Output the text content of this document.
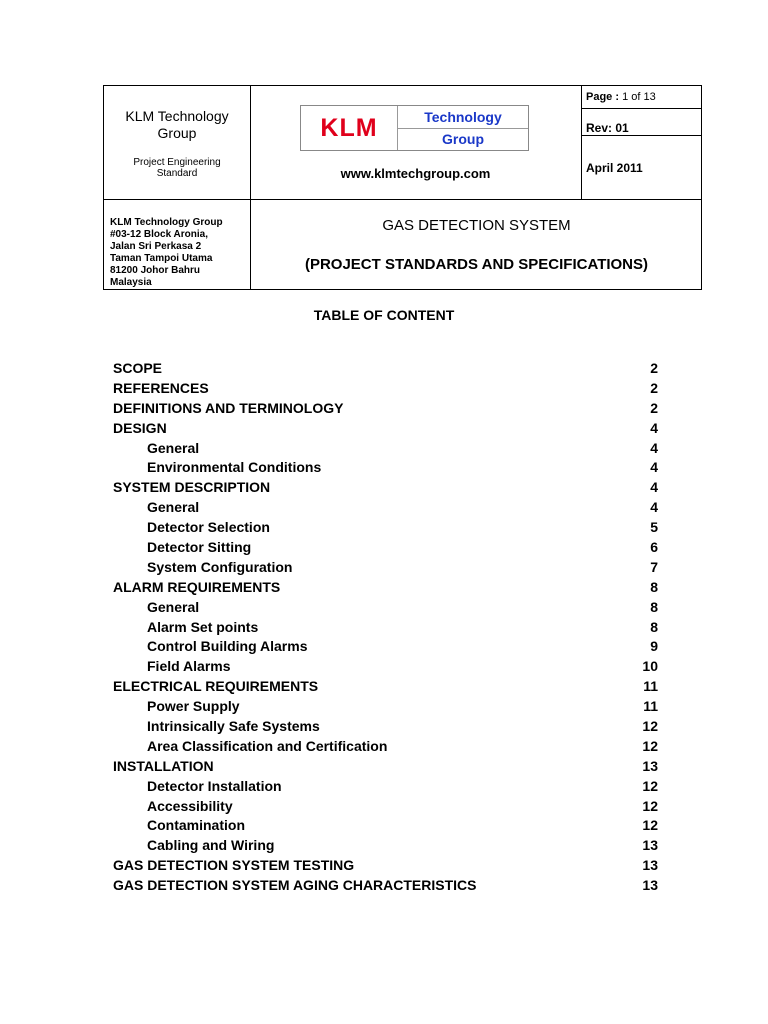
KLM Technology
Group
Project Engineering
Standard
KLM	Technology
Group
www.klmtechgroup.com
Page : 1 of 13
Rev: 01
April 2011
KLM Technology Group
#03-12 Block Aronia,
Jalan Sri Perkasa 2
Taman Tampoi Utama
81200 Johor Bahru
Malaysia
GAS DETECTION SYSTEM
(PROJECT STANDARDS AND SPECIFICATIONS)
TABLE OF CONTENT
SCOPE	2
REFERENCES	2
DEFINITIONS AND TERMINOLOGY	2
DESIGN	4
General	4
Environmental Conditions	4
SYSTEM DESCRIPTION	4
General	4
Detector Selection	5
Detector Sitting	6
System Configuration	7
ALARM REQUIREMENTS	8
General	8
Alarm Set points	8
Control Building Alarms	9
Field Alarms	10
ELECTRICAL REQUIREMENTS	11
Power Supply	11
Intrinsically Safe Systems	12
Area Classification and Certification	12
INSTALLATION	13
Detector Installation	12
Accessibility	12
Contamination	12
Cabling and Wiring	13
GAS DETECTION SYSTEM TESTING	13
GAS DETECTION SYSTEM AGING CHARACTERISTICS	13
